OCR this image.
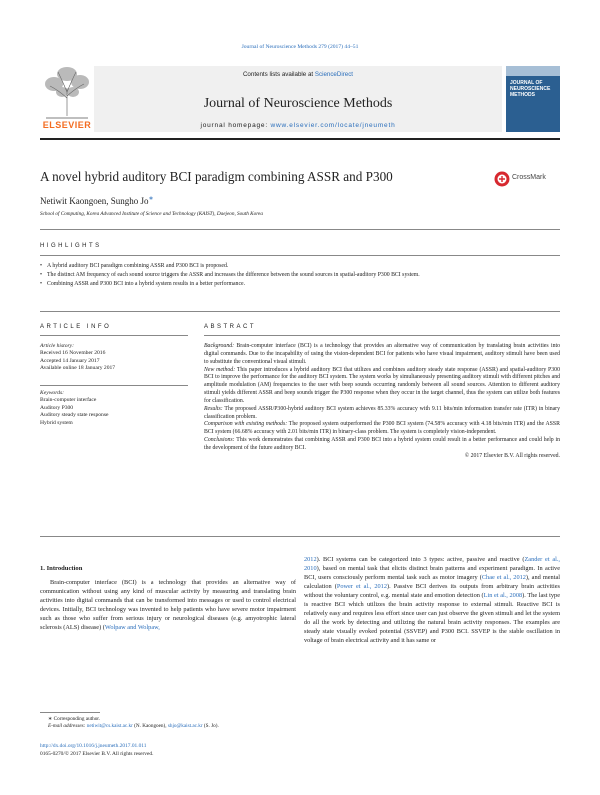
Journal of Neuroscience Methods 279 (2017) 44–51
ELSEVIER
Contents lists available at ScienceDirect
Journal of Neuroscience Methods
journal homepage: www.elsevier.com/locate/jneumeth
JOURNAL OF NEUROSCIENCE METHODS
A novel hybrid auditory BCI paradigm combining ASSR and P300	CrossMark
Netiwit Kaongoen, Sungho Jo∗
School of Computing, Korea Advanced Institute of Science and Technology (KAIST), Daejeon, South Korea
HIGHLIGHTS
• A hybrid auditory BCI paradigm combining ASSR and P300 BCI is proposed.
• The distinct AM frequency of each sound source triggers the ASSR and increases the difference between the sound sources in spatial-auditory P300 BCI system.
• Combining ASSR and P300 BCI into a hybrid system results in a better performance.
ARTICLE INFO	ABSTRACT
Article history:
Received 16 November 2016
Accepted 14 January 2017
Available online 18 January 2017
Keywords:
Brain-computer interface
Auditory P300
Auditory steady state response
Hybrid system

Background: Brain-computer interface (BCI) is a technology that provides an alternative way of communication by translating brain activities into digital commands. Due to the incapability of using the vision-dependent BCI for patients who have visual impairment, auditory stimuli have been used to substitute the conventional visual stimuli.

New method: This paper introduces a hybrid auditory BCI that utilizes and combines auditory steady state response (ASSR) and spatial-auditory P300 BCI to improve the performance for the auditory BCI system. The system works by simultaneously presenting auditory stimuli with different pitches and amplitude modulation (AM) frequencies to the user with beep sounds occurring randomly between all sound sources. Attention to different auditory stimuli yields different ASSR and beep sounds trigger the P300 response when they occur in the target channel, thus the system can utilize both features for classification.

Results: The proposed ASSR/P300-hybrid auditory BCI system achieves 85.33% accuracy with 9.11 bits/min information transfer rate (ITR) in binary classification problem.

Comparison with existing methods: The proposed system outperformed the P300 BCI system (74.58% accuracy with 4.18 bits/min ITR) and the ASSR BCI system (66.68% accuracy with 2.01 bits/min ITR) in binary-class problem. The system is completely vision-independent.

Conclusions: This work demonstrates that combining ASSR and P300 BCI into a hybrid system could result in a better performance and could help in the development of the future auditory BCI.

© 2017 Elsevier B.V. All rights reserved.

1. Introduction

Brain-computer interface (BCI) is a technology that provides an alternative way of communication without using any kind of muscular activity by measuring and translating brain activities into digital commands that can be transformed into messages or used to control electrical devices. Initially, BCI technology was invented to help patients who have severe motor impairment such as those who suffer from serious injury or neurological diseases (e.g. amyotrophic lateral sclerosis (ALS) disease) (Wolpaw and Wolpaw,

2012). BCI systems can be categorized into 3 types: active, passive and reactive (Zander et al., 2010), based on mental task that elicits distinct brain patterns and experiment paradigm. In active BCI, users consciously perform mental task such as motor imagery (Chae et al., 2012), and mental calculation (Power et al., 2012). Passive BCI derives its outputs from arbitrary brain activities without the voluntary control, e.g. mental state and emotion detection (Lin et al., 2008). The last type is reactive BCI which utilizes the brain activity response to external stimuli. Reactive BCI is relatively easy and requires less effort since user can just observe the given stimuli and let the system do all the work by detecting and utilizing the natural brain activity responses. The examples are steady state visually evoked potential (SSVEP) and P300 BCI. SSVEP is the stable oscillation in voltage of brain electrical activity and it has same or

∗ Corresponding author.
E-mail addresses: netiwit@cs.kaist.ac.kr (N. Kaongoen), shjo@kaist.ac.kr (S. Jo).
http://dx.doi.org/10.1016/j.jneumeth.2017.01.011
0165-0270/© 2017 Elsevier B.V. All rights reserved.
